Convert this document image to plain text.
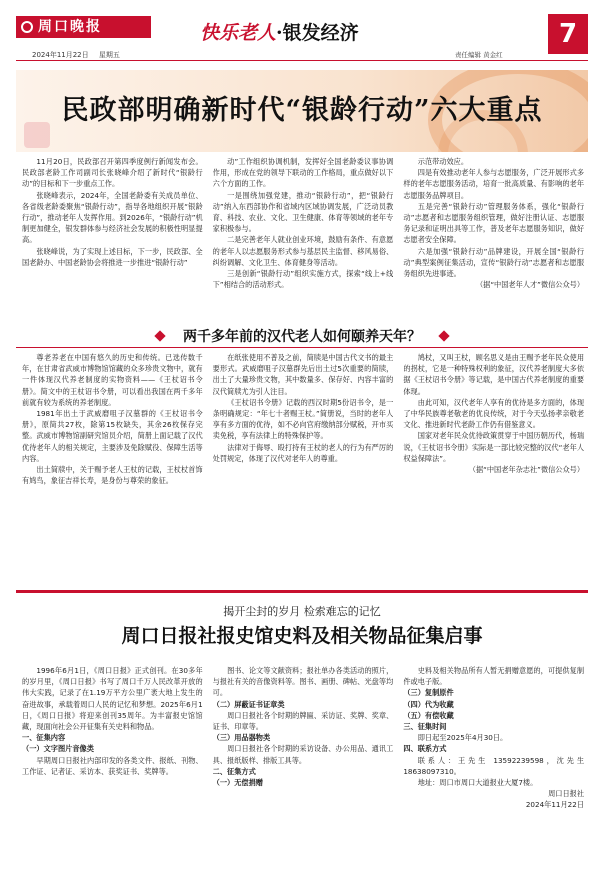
周口晚报
2024年11月22日 星期五
快乐老人·银发经济
责任编辑 黄金红
7
民政部明确新时代“银龄行动”六大重点

11月20日，民政部召开第四季度例行新闻发布会。民政部老龄工作司副司长张晓峰介绍了新时代“银龄行动”的目标和下一步重点工作。

张晓峰表示，2024年，全国老龄委有关成员单位、各省级老龄委聚焦“银龄行动”，指导各地组织开展“银龄行动”，推动老年人发挥作用。到2026年，“银龄行动”机制更加健全，银发群体参与经济社会发展的积极性明显提高。

张晓峰说，为了实现上述目标，下一步，民政部、全国老龄办、中国老龄协会将推进一步推进“银龄行动”

动”工作组织协调机制，发挥好全国老龄委议事协调作用，形成在党的领导下联动的工作格局，重点做好以下六个方面的工作。

一是围绕加强党建，推动“银龄行动”，把“银龄行动”纳入东西部协作和省域内区域协调发展，广泛动员教育、科技、农业、文化、卫生健康、体育等领域的老年专家积极参与。

二是完善老年人就业创业环境，鼓励有条件、有意愿的老年人以志愿服务形式参与基层民主监督、移风易俗、纠纷调解、文化卫生、体育健身等活动。

三是创新“银龄行动”组织实施方式，探索“线上+线下”相结合的活动形式。

示范带动效应。

四是有效推动老年人参与志愿服务，广泛开展形式多样的老年志愿服务活动，培育一批高质量、有影响的老年志愿服务品牌项目。

五是完善“银龄行动”管理服务体系，强化“银龄行动”志愿者和志愿服务组织管理，做好注册认证、志愿服务记录和证明出具等工作，普及老年志愿服务知识，做好志愿者安全保障。

六是加强“银龄行动”品牌建设，开展全国“银龄行动”典型案例征集活动，宣传“银龄行动”志愿者和志愿服务组织先进事迹。

（据“中国老年人才”微信公众号）

两千多年前的汉代老人如何颐养天年？

尊老养老在中国有悠久的历史和传统。已选传数千年，在甘肃省武威市博物馆馆藏的众多珍贵文物中，就有一件体现汉代养老制度的实物资料——《王杖诏书令册》。简文中的王杖诏书令册，可以看出我国在两千多年前就有较为系统的养老制度。

1981年出土于武威磨咀子汉墓群的《王杖诏书令册》，原简共27枚，除第15枚缺失，其余26枚保存完整。武威市博物馆副研究馆员介绍，简册上面记载了汉代优待老年人的相关规定，主要涉及免除赋役、保障生活等内容。

出土简牍中，关于赐予老人王杖的记载，王杖杖首饰有鸠鸟，象征吉祥长寿，是身份与尊荣的象征。

在纸张使用不普及之前，简牍是中国古代文书的最主要形式。武威磨咀子汉墓群先后出土过5次重要的简牍，出土了大量珍贵文物，其中数量多、保存好、内容丰富的汉代简牍尤为引人注目。

《王杖诏书令册》记载的西汉时期5份诏书令，是一条明确规定：“年七十者赐王杖。”简册说，当时的老年人享有多方面的优待，如不必向官府缴纳部分赋税，开市买卖免税，享有法律上的特殊保护等。

法律对于侮辱、殴打持有王杖的老人的行为有严厉的处罚规定，体现了汉代对老年人的尊重。

鸠杖，又叫王杖，顾名思义是由王赐予老年民众使用的拐杖，它是一种特殊权利的象征，汉代养老制度大多依据《王杖诏书令册》等记载，是中国古代养老制度的重要体现。

由此可知，汉代老年人享有的优待是多方面的，体现了中华民族尊老敬老的优良传统，对于今天弘扬孝亲敬老文化、推进新时代老龄工作仍有借鉴意义。

国家对老年民众优待政策贯穿于中国历朝历代，杨瑞说，《王杖诏书令册》实际是一部比较完整的汉代“老年人权益保障法”。

（据“中国老年杂志社”微信公众号）

揭开尘封的岁月 检索难忘的记忆
周口日报社报史馆史料及相关物品征集启事

1996年6月1日，《周口日报》正式创刊。在30多年的岁月里，《周口日报》书写了周口千万人民改革开放的伟大实践，记录了在1.19万平方公里广袤大地上发生的奋进故事，承载着周口人民的记忆和梦想。2025年6月1日，《周口日报》将迎来创刊35周年。为丰富报史馆馆藏，现面向社会公开征集有关史料和物品。

一、征集内容

（一）文字图片音像类

早期周口日报社内部印发的各类文件、报纸、刊物、工作证、记者证、采访本、获奖证书、奖牌等。

图书、论文等文献资料；报社单办各类活动的照片，与报社有关的音像资料等。图书、画册、碑帖、光盘等均可。

（二）屏蔽证书证章类

周口日报社各个时期的牌匾、采访证、奖牌、奖章、证书、印章等。

（三）用品器物类

周口日报社各个时期的采访设备、办公用品、通讯工具、报纸版样、排版工具等。

二、征集方式

（一）无偿捐赠

史料及相关物品所有人暂无捐赠意愿的，可提供复制件或电子版。

（三）复制原件

（四）代为收藏

（五）有偿收藏

三、征集时间

即日起至2025年4月30日。

四、联系方式

联系人：王先生 13592239598，沈先生 18638097310。

地址：周口市周口大道报业大厦7楼。

周口日报社

2024年11月22日
